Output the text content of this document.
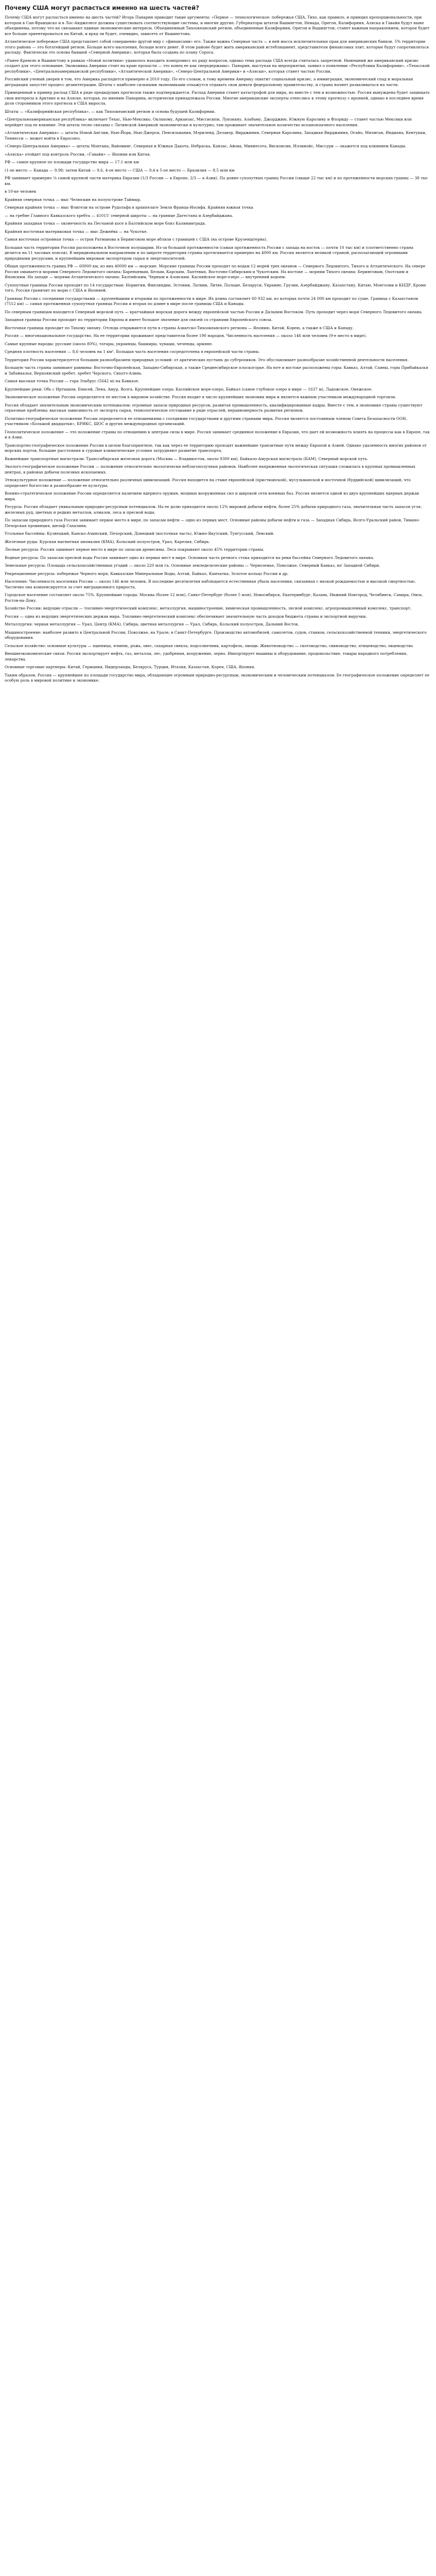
Почему США могут распасться именно на шесть частей?

Почему США могут распасться именно на шесть частей? Игорь Панарин приводит такие аргументы: «Первое — технологическое: побережья США, Тихо, как правило, и принцип пропорциональности, при котором в Сан-Франциско и в Лос-Анджелесе должны существовать соответствующие системы, и многие другие. Губернаторы штатов Вашингтон, Невада, Орегон, Калифорния, Аляска и Гавайи будут ныне объединены, потому что их связывают единые экономические интересы. Объединенный Тихоокеанский регион, объединенные Калифорния, Орегон и Вашингтон, станет важным направлением, которое будет все больше ориентироваться на Китай, и вряд ли будет, очевидно, зависеть от Вашингтона.

Атлантическое побережье США представляет собой совершенно другой мир с «финансами» его. Также важна Северная часть — в ней масса исключительных прав для американских банков. 5% территории этого района — это богатейший регион. Больше всего населения, больше всего денег. В этом районе будет жить американский истеблишмент, представители финансовых элит, которые будут сопротивляться распаду. Фактически это основа бывшей «Северной Америки», которая была создана по плану Сороса.

«Ранее Кремлю и Вашингтону в рамках «Новой политики» удавалось находить компромисс по ряду вопросов, однако тема распада США всегда считалась запретной. Нынешний же американский кризис создает для этого основание. Экономика Америки стоит на краю пропасти — это конец ее как сверхдержавы». Панарин, выступая на мероприятии, заявил о появлении «Республики Калифорнии», «Техасской республики», «Центральноамериканской республики», «Атлантической Америки», «Северо-Центральной Америки» и «Аляски», которая станет частью России.

Российский ученый уверен в том, что Америка распадется примерно в 2010 году. По его словам, к тому времени Америку охватит социальный кризис, а иммиграция, экономический спад и моральная деградация запустят процесс дезинтеграции. Штаты с наиболее сильными экономиками откажутся отдавать свои деньги федеральному правительству, и страна начнет разваливаться на части.

Приведенный в пример распад США в ряде предыдущих прогнозов также подтверждается. Распад Америки станет катастрофой для мира, но вместе с тем и возможностью. Россия вынуждена будет защищать свои интересы в Арктике и на Аляске, которая, по мнению Панарина, исторически принадлежала России. Многие американские эксперты отнеслись к этому прогнозу с иронией, однако в последнее время доля сторонников этого прогноза в США выросла.

Штаты — «Калифорнийская республика», — как Тихоокеанский регион и основа будущей Калифорнии.

«Центральноамериканская республика» включает Техас, Нью-Мексико, Оклахому, Арканзас, Миссисипи, Луизиану, Алабаму, Джорджию, Южную Каролину и Флориду — станет частью Мексики или перейдет под ее влияние. Эти штаты тесно связаны с Латинской Америкой экономически и культурно, там проживает значительное количество испаноязычного населения.

«Атлантическая Америка» — штаты Новой Англии, Нью-Йорк, Нью-Джерси, Пенсильвания, Мэриленд, Делавэр, Вирджиния, Северная Каролина, Западная Вирджиния, Огайо, Мичиган, Индиана, Кентукки, Теннесси — может войти в Евросоюз.

«Северо-Центральная Америка» — штаты Монтана, Вайоминг, Северная и Южная Дакота, Небраска, Канзас, Айова, Миннесота, Висконсин, Иллинойс, Миссури — окажется под влиянием Канады.

«Аляска» отойдет под контроль России, «Гавайи» — Японии или Китая.

РФ — самое крупное по площади государство мира — 17,1 млн км

(1-ое место — Канада — 9,98; затем Китай — 9,6, 4-ое место — США — 9,4 в 5-ое место — Бразилия — 8,5 млн км

РФ занимает примерно ⅛ самой крупной части материка Евразии (1/3 России — в Европе, 2/3 — в Азии). По длине сухопутных границ России (свыше 22 тыс км) и по протяженности морских границ — 38 тыс км.

в 10-ке человек

Крайняя северная точка — мыс Челюскин на полуострове Таймыр.

Северная крайняя точка — мыс Флигели на острове Рудольфа в архипелаге Земля Франца-Иосифа. Крайняя южная точка

— на гребне Главного Кавказского хребта — 41015' северной широты — на границе Дагестана и Азербайджана.

Крайняя западная точка — оконечность на Песчаной косе в Балтийском море близ Калининграда.

Крайняя восточная материковая точка — мыс Дежнёва — на Чукотке.

Самая восточная островная точка — остров Ратманова в Беринговом море вблизи с границей с США (на острове Крузенштерна).

Большая часть территории России расположена в Восточном полушарии. Из-за большой протяженности (самая протяженность России с запада на восток — почти 10 тыс км) и (соответственно страна делится на 11 часовых поясов). В меридиональном направлении и по широте территория страны протягивается примерно на 4000 км. Россия является великой страной, располагающей огромными природными ресурсами, и крупнейшим мировым экспортером сырья и энергоносителей.

Общая протяженность границ РФ — 60000 км, из них 40000 км — морские. Морские границы России проходят по водам 12 морей трех океанов — Северного Ледовитого, Тихого и Атлантического. На севере Россия омывается морями Северного Ледовитого океана: Баренцевым, Белым, Карским, Лаптевых, Восточно-Сибирским и Чукотским. На востоке — морями Тихого океана: Беринговым, Охотским и Японским. На западе — морями Атлантического океана: Балтийским, Черным и Азовским. Каспийское море-озеро — внутренний водоем.

Сухопутные границы России проходят по 14 государствам: Норвегии, Финляндии, Эстонии, Латвии, Литве, Польше, Беларуси, Украине, Грузии, Азербайджану, Казахстану, Китаю, Монголии и КНДР. Кроме того, Россия граничит по морю с США и Японией.

Границы России с соседними государствами — крупнейшими и вторыми по протяженности в мире. Их длина составляет 60 932 км, из которых почти 24 000 км проходит по суше. Граница с Казахстаном (7512 км) — самая протяженная сухопутная граница России и вторая по длине в мире после границы США и Канады.

По северным границам находится Северный морской путь — кратчайшая морская дорога между европейской частью России и Дальним Востоком. Путь проходит через моря Северного Ледовитого океана.

Западная граница России проходит по территории Европы и имеет большое значение для связей со странами Европейского союза.

Восточная граница проходит по Тихому океану. Отсюда открываются пути в страны Азиатско-Тихоокеанского региона — Японию, Китай, Корею, а также в США и Канаду.

Россия — многонациональное государство. На ее территории проживают представители более 190 народов. Численность населения — около 146 млн человек (9-е место в мире).

Самые крупные народы: русские (около 80%), татары, украинцы, башкиры, чуваши, чеченцы, армяне.

Средняя плотность населения — 8,6 человек на 1 км². Большая часть населения сосредоточена в европейской части страны.

Территория России характеризуется большим разнообразием природных условий: от арктических пустынь до субтропиков. Это обуславливает разнообразие хозяйственной деятельности населения.

Большую часть страны занимают равнины: Восточно-Европейская, Западно-Сибирская, а также Среднесибирское плоскогорье. На юге и востоке расположены горы: Кавказ, Алтай, Саяны, горы Прибайкалья и Забайкалья, Верхоянский хребет, хребет Черского, Сихотэ-Алинь.

Самая высокая точка России — гора Эльбрус (5642 м) на Кавказе.

Крупнейшие реки: Обь с Иртышом, Енисей, Лена, Амур, Волга. Крупнейшие озера: Каспийское море-озеро, Байкал (самое глубокое озеро в мире — 1637 м), Ладожское, Онежское.

Экономическое положение России определяется ее местом в мировом хозяйстве. Россия входит в число крупнейших экономик мира и является важным участником международной торговли.

Россия обладает значительным экономическим потенциалом: огромные запасы природных ресурсов, развитая промышленность, квалифицированные кадры. Вместе с тем, в экономике страны существуют серьезные проблемы: высокая зависимость от экспорта сырья, технологическое отставание в ряде отраслей, неравномерность развития регионов.

Политико-географическое положение России определяется ее отношениями с соседними государствами и другими странами мира. Россия является постоянным членом Совета Безопасности ООН, участником «Большой двадцатки», БРИКС, ШОС и других международных организаций.

Геополитическое положение — это положение страны по отношению к центрам силы в мире. Россия занимает срединное положение в Евразии, что дает ей возможность влиять на процессы как в Европе, так и в Азии.

Транспортно-географическое положение России в целом благоприятное, так как через ее территорию проходят важнейшие транзитные пути между Европой и Азией. Однако удаленность многих районов от морских портов, большие расстояния и суровые климатические условия затрудняют развитие транспорта.

Важнейшие транспортные магистрали: Транссибирская железная дорога (Москва — Владивосток, около 9300 км), Байкало-Амурская магистраль (БАМ), Северный морской путь.

Эколого-географическое положение России — положение относительно экологически неблагополучных районов. Наиболее напряженная экологическая ситуация сложилась в крупных промышленных центрах, в районах добычи полезных ископаемых.

Этнокультурное положение — положение относительно различных цивилизаций. Россия находится на стыке европейской (христианской), мусульманской и восточной (буддийской) цивилизаций, что определяет богатство и разнообразие ее культуры.

Военно-стратегическое положение России определяется наличием ядерного оружия, мощных вооруженных сил и широкой сети военных баз. Россия является одной из двух крупнейших ядерных держав мира.

Ресурсы: Россия обладает уникальным природно-ресурсным потенциалом. На ее долю приходится около 12% мировой добычи нефти, более 25% добычи природного газа, значительная часть запасов угля, железных руд, цветных и редких металлов, алмазов, леса и пресной воды.

По запасам природного газа Россия занимает первое место в мире, по запасам нефти — одно из первых мест. Основные районы добычи нефти и газа — Западная Сибирь, Волго-Уральский район, Тимано-Печорская провинция, шельф Сахалина.

Угольные бассейны: Кузнецкий, Канско-Ачинский, Печорский, Донецкий (восточная часть), Южно-Якутский, Тунгусский, Ленский.

Железные руды: Курская магнитная аномалия (КМА), Кольский полуостров, Урал, Карелия, Сибирь.

Лесные ресурсы: Россия занимает первое место в мире по запасам древесины. Леса покрывают около 45% территории страны.

Водные ресурсы: По запасам пресной воды Россия занимает одно из первых мест в мире. Основная часть речного стока приходится на реки бассейна Северного Ледовитого океана.

Земельные ресурсы: Площадь сельскохозяйственных угодий — около 220 млн га. Основные земледельческие районы — Черноземье, Поволжье, Северный Кавказ, юг Западной Сибири.

Рекреационные ресурсы: побережье Черного моря, Кавказские Минеральные Воды, Алтай, Байкал, Камчатка, Золотое кольцо России и др.

Население: Численность населения России — около 146 млн человек. В последние десятилетия наблюдается естественная убыль населения, связанная с низкой рождаемостью и высокой смертностью. Частично она компенсируется за счет миграционного прироста.

Городское население составляет около 75%. Крупнейшие города: Москва (более 12 млн), Санкт-Петербург (более 5 млн), Новосибирск, Екатеринбург, Казань, Нижний Новгород, Челябинск, Самара, Омск, Ростов-на-Дону.

Хозяйство России: ведущие отрасли — топливно-энергетический комплекс, металлургия, машиностроение, химическая промышленность, лесной комплекс, агропромышленный комплекс, транспорт.

Россия — одна из ведущих энергетических держав мира. Топливно-энергетический комплекс обеспечивает значительную часть доходов бюджета страны и экспортной выручки.

Металлургия: черная металлургия — Урал, Центр (КМА), Сибирь; цветная металлургия — Урал, Сибирь, Кольский полуостров, Дальний Восток.

Машиностроение: наиболее развито в Центральной России, Поволжье, на Урале, в Санкт-Петербурге. Производство автомобилей, самолетов, судов, станков, сельскохозяйственной техники, энергетического оборудования.

Сельское хозяйство: основные культуры — пшеница, ячмень, рожь, овес, сахарная свекла, подсолнечник, картофель, овощи. Животноводство — скотоводство, свиноводство, птицеводство, овцеводство.

Внешнеэкономические связи: Россия экспортирует нефть, газ, металлы, лес, удобрения, вооружение, зерно. Импортирует машины и оборудование, продовольствие, товары народного потребления, лекарства.

Основные торговые партнеры: Китай, Германия, Нидерланды, Беларусь, Турция, Италия, Казахстан, Корея, США, Япония.

Таким образом, Россия — крупнейшее по площади государство мира, обладающее огромным природно-ресурсным, экономическим и человеческим потенциалом. Ее географическое положение определяет ее особую роль в мировой политике и экономике.
